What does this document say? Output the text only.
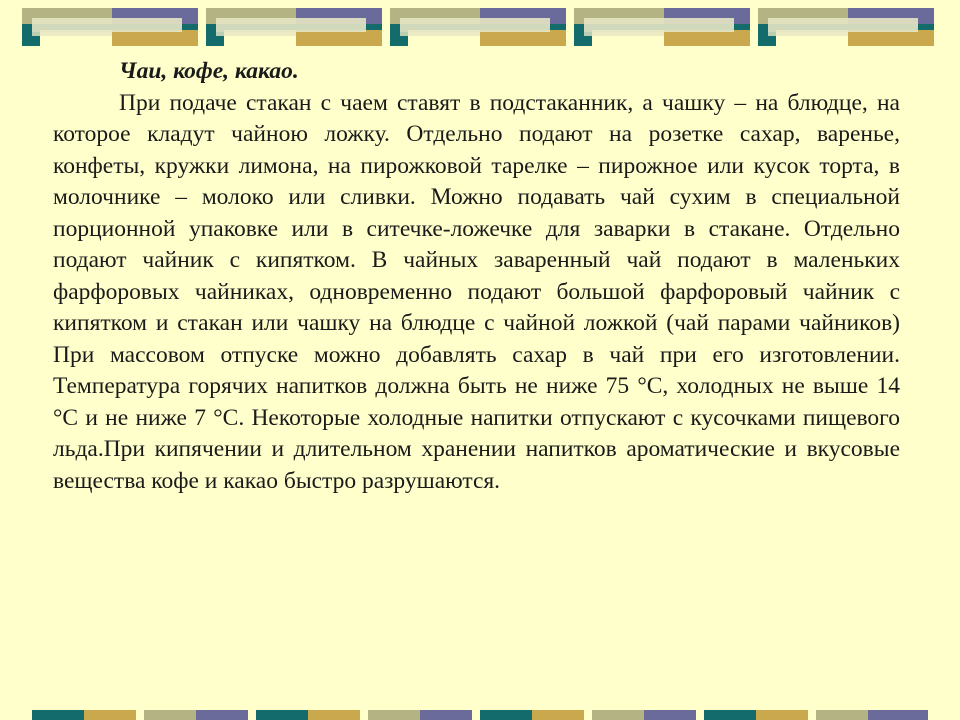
Чаи, кофе, какао.

При подаче стакан с чаем ставят в подстаканник, а чашку – на блюдце, на которое кладут чайною ложку. Отдельно подают на розетке сахар, варенье, конфеты, кружки лимона, на пирожковой тарелке – пирожное или кусок торта, в молочнике – молоко или сливки. Можно подавать чай сухим в специальной порционной упаковке или в ситечке-ложечке для заварки в стакане. Отдельно подают чайник с кипятком. В чайных заваренный чай подают в маленьких фарфоровых чайниках, одновременно подают большой фарфоровый чайник с кипятком и стакан или чашку на блюдце с чайной ложкой (чай парами чайников) При массовом отпуске можно добавлять сахар в чай при его изготовлении. Температура горячих напитков должна быть не ниже 75 °С, холодных не выше 14 °С и не ниже 7 °С. Некоторые холодные напитки отпускают с кусочками пищевого льда.При кипячении и длительном хранении напитков ароматические и вкусовые вещества кофе и какао быстро разрушаются.
